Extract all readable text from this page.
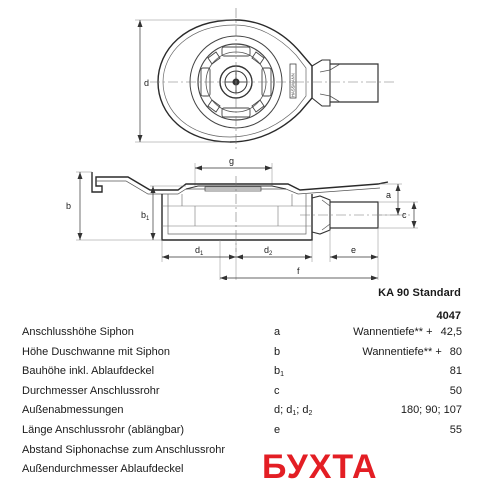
d
g
b
$b_1$
a
c
$d_1$	$d_2$	e
f
HASSMANN
KA 90 Standard
4047
Anschlusshöhe Siphon	a	Wannentiefe** + 42,5
Höhe Duschwanne mit Siphon	b	Wannentiefe** + 80
Bauhöhe inkl. Ablaufdeckel	$b_1$	81
Durchmesser Anschlussrohr	c	50
Außenabmessungen	d; $d_1$; $d_2$	180; 90; 107
Länge Anschlussrohr (ablängbar)	e	55
Abstand Siphonachse zum Anschlussrohr
Außendurchmesser Ablaufdeckel БУХТА
